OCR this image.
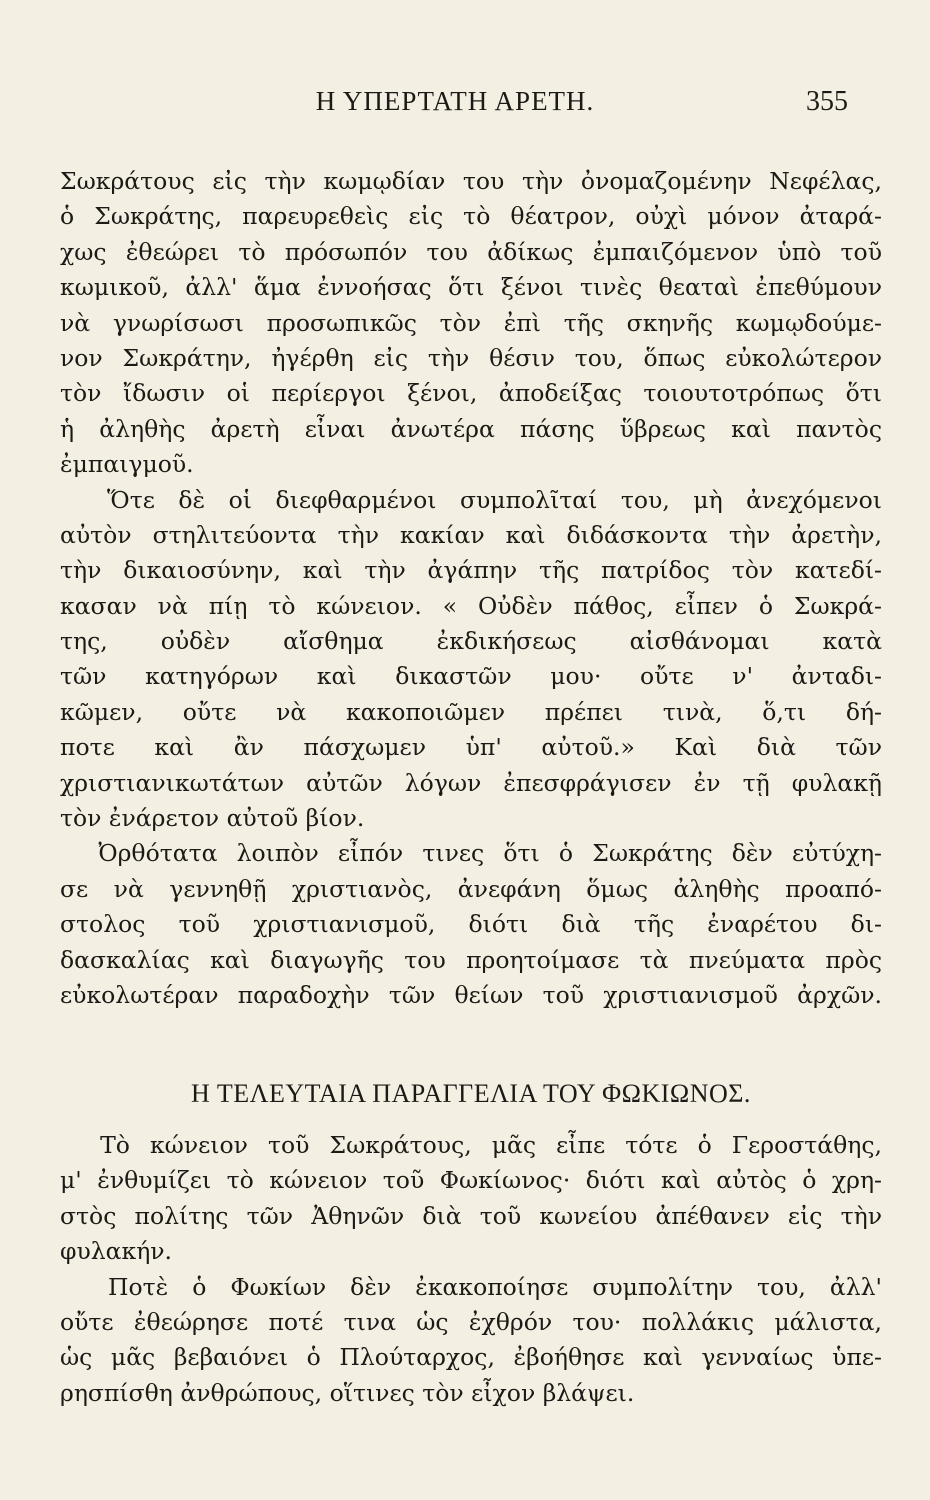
Η ΥΠΕΡΤΑΤΗ ΑΡΕΤΗ.	355
Σωκράτους εἰς τὴν κωμῳδίαν του τὴν ὀνομαζομένην Νεφέλας,
ὁ Σωκράτης, παρευρεθεὶς εἰς τὸ θέατρον, οὐχὶ μόνον ἀταρά-
χως ἐθεώρει τὸ πρόσωπόν του ἀδίκως ἐμπαιζόμενον ὑπὸ τοῦ
κωμικοῦ, ἀλλ' ἅμα ἐννοήσας ὅτι ξένοι τινὲς θεαταὶ ἐπεθύμουν
νὰ γνωρίσωσι προσωπικῶς τὸν ἐπὶ τῆς σκηνῆς κωμῳδούμε-
νον Σωκράτην, ἠγέρθη εἰς τὴν θέσιν του, ὅπως εὐκολώτερον
τὸν ἴδωσιν οἱ περίεργοι ξένοι, ἀποδείξας τοιουτοτρόπως ὅτι
ἡ ἀληθὴς ἀρετὴ εἶναι ἀνωτέρα πάσης ὕβρεως καὶ παντὸς
ἐμπαιγμοῦ.
Ὅτε δὲ οἱ διεφθαρμένοι συμπολῖταί του, μὴ ἀνεχόμενοι
αὐτὸν στηλιτεύοντα τὴν κακίαν καὶ διδάσκοντα τὴν ἀρετὴν,
τὴν δικαιοσύνην, καὶ τὴν ἀγάπην τῆς πατρίδος τὸν κατεδί-
κασαν νὰ πίῃ τὸ κώνειον. « Οὐδὲν πάθος, εἶπεν ὁ Σωκρά-
της, οὐδὲν αἴσθημα ἐκδικήσεως αἰσθάνομαι κατὰ
τῶν κατηγόρων καὶ δικαστῶν μου· οὔτε ν' ἀνταδι-
κῶμεν, οὔτε νὰ κακοποιῶμεν πρέπει τινὰ, ὅ,τι δή-
ποτε καὶ ἂν πάσχωμεν ὑπ' αὐτοῦ.» Καὶ διὰ τῶν
χριστιανικωτάτων αὐτῶν λόγων ἐπεσφράγισεν ἐν τῇ φυλακῇ
τὸν ἐνάρετον αὐτοῦ βίον.
Ὀρθότατα λοιπὸν εἶπόν τινες ὅτι ὁ Σωκράτης δὲν εὐτύχη-
σε νὰ γεννηθῇ χριστιανὸς, ἀνεφάνη ὅμως ἀληθὴς προαπό-
στολος τοῦ χριστιανισμοῦ, διότι διὰ τῆς ἐναρέτου δι-
δασκαλίας καὶ διαγωγῆς του προητοίμασε τὰ πνεύματα πρὸς
εὐκολωτέραν παραδοχὴν τῶν θείων τοῦ χριστιανισμοῦ ἀρχῶν.
Η ΤΕΛΕΥΤΑΙΑ ΠΑΡΑΓΓΕΛΙΑ ΤΟΥ ΦΩΚΙΩΝΟΣ.
Τὸ κώνειον τοῦ Σωκράτους, μᾶς εἶπε τότε ὁ Γεροστάθης,
μ' ἐνθυμίζει τὸ κώνειον τοῦ Φωκίωνος· διότι καὶ αὐτὸς ὁ χρη-
στὸς πολίτης τῶν Ἀθηνῶν διὰ τοῦ κωνείου ἀπέθανεν εἰς τὴν
φυλακήν.
Ποτὲ ὁ Φωκίων δὲν ἐκακοποίησε συμπολίτην του, ἀλλ'
οὔτε ἐθεώρησε ποτέ τινα ὡς ἐχθρόν του· πολλάκις μάλιστα,
ὡς μᾶς βεβαιόνει ὁ Πλούταρχος, ἐβοήθησε καὶ γενναίως ὑπε-
ρησπίσθη ἀνθρώπους, οἵτινες τὸν εἶχον βλάψει.
